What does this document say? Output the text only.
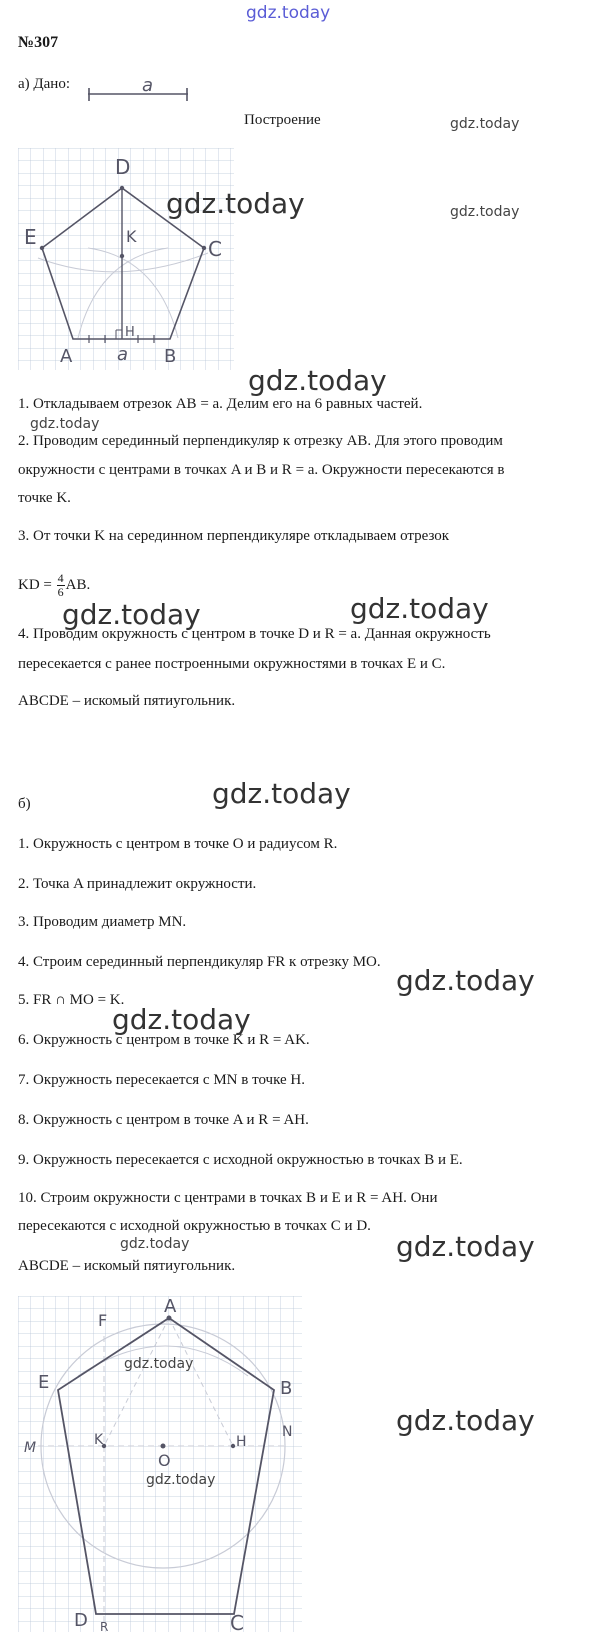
gdz.today
№307
а) Дано:	a
Построение	gdz.today
gdz.today
D
E	C
K
H
A	B
a
gdz.today
gdz.today
1. Откладываем отрезок AB = a. Делим его на 6 равных частей.
gdz.today
2. Проводим серединный перпендикуляр к отрезку AB. Для этого проводим
окружности с центрами в точках A и B и R = a. Окружности пересекаются в
точке K.
3. От точки K на серединном перпендикуляре откладываем отрезок
KD = $\frac{4}{6}$ AB.
gdz.today	gdz.today
4. Проводим окружность с центром в точке D и R = a. Данная окружность
пересекается с ранее построенными окружностями в точках E и C.
ABCDE – искомый пятиугольник.
gdz.today
б)
1. Окружность с центром в точке O и радиусом R.
2. Точка A принадлежит окружности.
3. Проводим диаметр MN.
4. Строим серединный перпендикуляр FR к отрезку MO.
gdz.today
5. FR ∩ MO = K.
gdz.today
6. Окружность с центром в точке K и R = AK.
7. Окружность пересекается с MN в точке H.
8. Окружность с центром в точке A и R = AH.
9. Окружность пересекается с исходной окружностью в точках B и E.
10. Строим окружности с центрами в точках B и E и R = AH. Они
пересекаются с исходной окружностью в точках C и D.
gdz.today	gdz.today
ABCDE – искомый пятиугольник.
A
F
E	B
M
N
K
O
H
D	C
R
gdz.today
gdz.today
gdz.today
